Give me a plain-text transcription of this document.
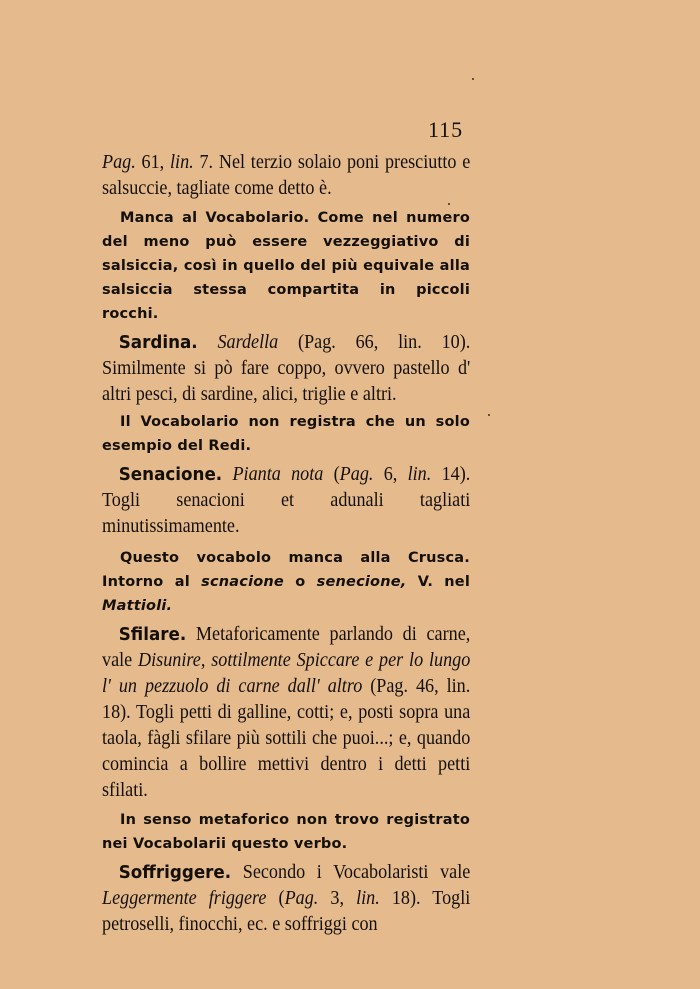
115

Pag. 61, lin. 7. Nel terzio solaio poni presciutto e salsuccie, tagliate come detto è.

Manca al Vocabolario. Come nel numero del meno può essere vezzeggiativo di salsiccia, così in quello del più equivale alla salsiccia stessa compartita in piccoli rocchi.

Sardina. Sardella (Pag. 66, lin. 10). Similmente si pò fare coppo, ovvero pastello d' altri pesci, di sardine, alici, triglie e altri.

Il Vocabolario non registra che un solo esempio del Redi.

Senacione. Pianta nota (Pag. 6, lin. 14). Togli senacioni et adunali tagliati minutissimamente.

Questo vocabolo manca alla Crusca. Intorno al scnacione o senecione, V. nel Mattioli.

Sfilare. Metaforicamente parlando di carne, vale Disunire, sottilmente Spiccare e per lo lungo l' un pezzuolo di carne dall' altro (Pag. 46, lin. 18). Togli petti di galline, cotti; e, posti sopra una taola, fàgli sfilare più sottili che puoi...; e, quando comincia a bollire mettivi dentro i detti petti sfilati.

In senso metaforico non trovo registrato nei Vocabolarii questo verbo.

Soffriggere. Secondo i Vocabolaristi vale Leggermente friggere (Pag. 3, lin. 18). Togli petroselli, finocchi, ec. e soffriggi con
